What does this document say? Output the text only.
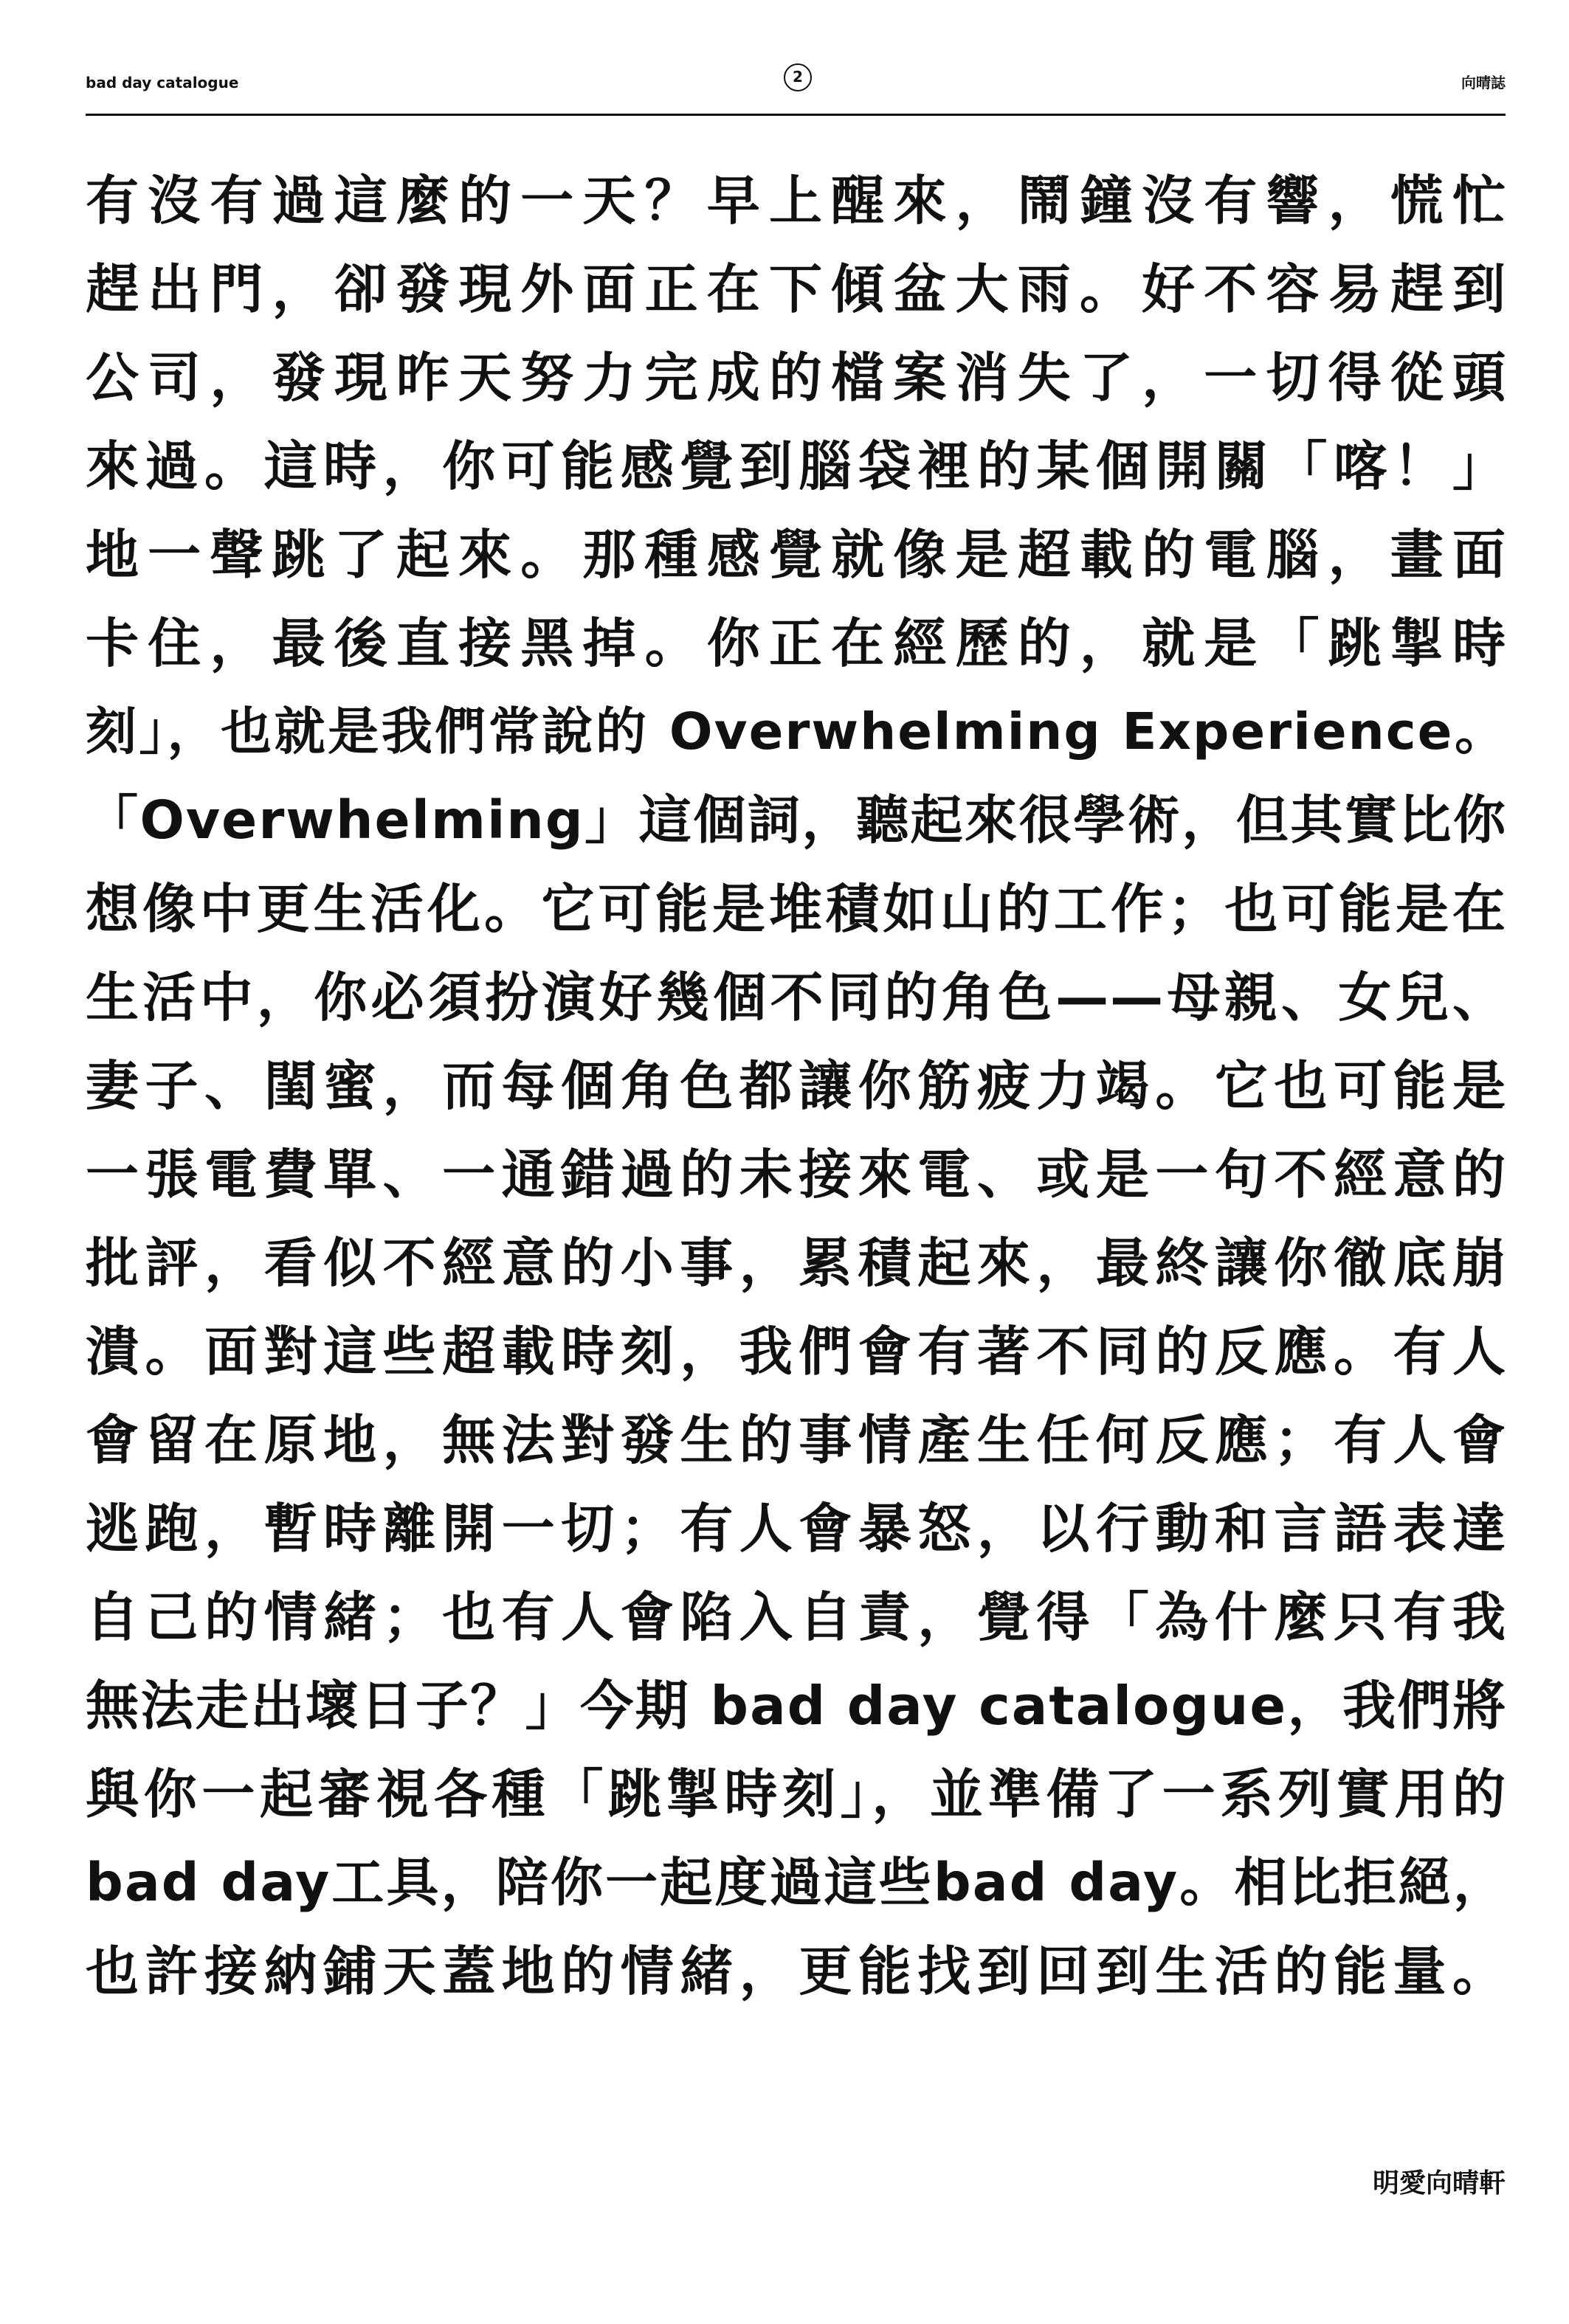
bad day catalogue	2	向晴誌
有沒有過這麼的一天？早上醒來，鬧鐘沒有響，慌忙
趕出門，卻發現外面正在下傾盆大雨。好不容易趕到
公司，發現昨天努力完成的檔案消失了，一切得從頭
來過。這時，你可能感覺到腦袋裡的某個開關「喀！」
地一聲跳了起來。那種感覺就像是超載的電腦，畫面
卡住，最後直接黑掉。你正在經歷的，就是「跳掣時
刻」，也就是我們常說的 Overwhelming Experience。
「Overwhelming」這個詞，聽起來很學術，但其實比你
想像中更生活化。它可能是堆積如山的工作；也可能是在
生活中，你必須扮演好幾個不同的角色——母親、女兒、
妻子、閨蜜，而每個角色都讓你筋疲力竭。它也可能是
一張電費單、一通錯過的未接來電、或是一句不經意的
批評，看似不經意的小事，累積起來，最終讓你徹底崩
潰。面對這些超載時刻，我們會有著不同的反應。有人
會留在原地，無法對發生的事情產生任何反應；有人會
逃跑，暫時離開一切；有人會暴怒，以行動和言語表達
自己的情緒；也有人會陷入自責，覺得「為什麼只有我
無法走出壞日子？」今期 bad day catalogue，我們將
與你一起審視各種「跳掣時刻」，並準備了一系列實用的
bad day工具，陪你一起度過這些bad day。相比拒絕，
也許接納鋪天蓋地的情緒，更能找到回到生活的能量。
明愛向晴軒
